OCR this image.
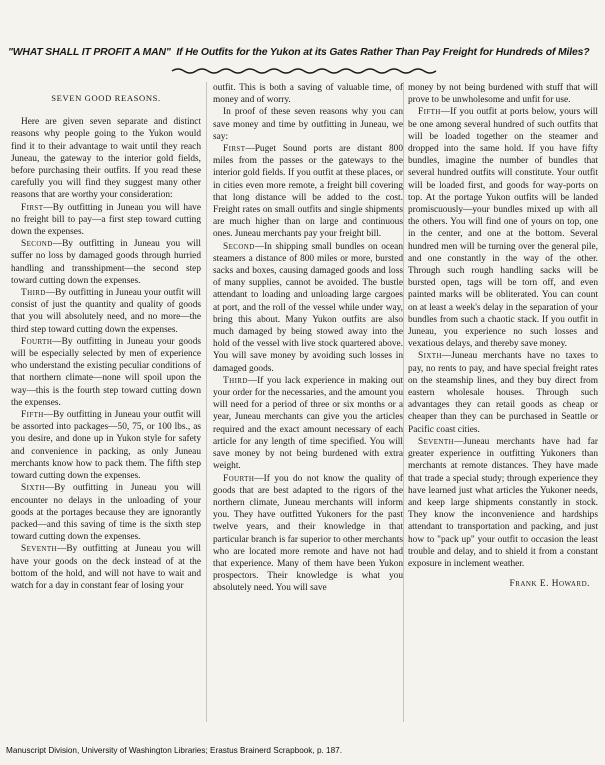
"WHAT SHALL IT PROFIT A MAN" If He Outfits for the Yukon at its Gates Rather Than Pay Freight for Hundreds of Miles?

SEVEN GOOD REASONS.

Here are given seven separate and distinct reasons why people going to the Yukon would find it to their advantage to wait until they reach Juneau, the gateway to the interior gold fields, before purchasing their outfits. If you read these carefully you will find they suggest many other reasons that are worthy your consideration:

First—By outfitting in Juneau you will have no freight bill to pay—a first step toward cutting down the expenses.

Second—By outfitting in Juneau you will suffer no loss by damaged goods through hurried handling and transshipment—the second step toward cutting down the expenses.

Third—By outfitting in Juneau your outfit will consist of just the quantity and quality of goods that you will absolutely need, and no more—the third step toward cutting down the expenses.

Fourth—By outfitting in Juneau your goods will be especially selected by men of experience who understand the existing peculiar conditions of that northern climate—none will spoil upon the way—this is the fourth step toward cutting down the expenses.

Fifth—By outfitting in Juneau your outfit will be assorted into packages—50, 75, or 100 lbs., as you desire, and done up in Yukon style for safety and convenience in packing, as only Juneau merchants know how to pack them. The fifth step toward cutting down the expenses.

Sixth—By outfitting in Juneau you will encounter no delays in the unloading of your goods at the portages because they are ignorantly packed—and this saving of time is the sixth step toward cutting down the expenses.

Seventh—By outfitting at Juneau you will have your goods on the deck instead of at the bottom of the hold, and will not have to wait and watch for a day in constant fear of losing your

outfit. This is both a saving of valuable time, of money and of worry.

In proof of these seven reasons why you can save money and time by outfitting in Juneau, we say:

First—Puget Sound ports are distant 800 miles from the passes or the gateways to the interior gold fields. If you outfit at these places, or in cities even more remote, a freight bill covering that long distance will be added to the cost. Freight rates on small outfits and single shipments are much higher than on large and continuous ones. Juneau merchants pay your freight bill.

Second—In shipping small bundles on ocean steamers a distance of 800 miles or more, bursted sacks and boxes, causing damaged goods and loss of many supplies, cannot be avoided. The bustle attendant to loading and unloading large cargoes at port, and the roll of the vessel while under way, bring this about. Many Yukon outfits are also much damaged by being stowed away into the hold of the vessel with live stock quartered above. You will save money by avoiding such losses in damaged goods.

Third—If you lack experience in making out your order for the necessaries, and the amount you will need for a period of three or six months or a year, Juneau merchants can give you the articles required and the exact amount necessary of each article for any length of time specified. You will save money by not being burdened with extra weight.

Fourth—If you do not know the quality of goods that are best adapted to the rigors of the northern climate, Juneau merchants will inform you. They have outfitted Yukoners for the past twelve years, and their knowledge in that particular branch is far superior to other merchants who are located more remote and have not had that experience. Many of them have been Yukon prospectors. Their knowledge is what you absolutely need. You will save

money by not being burdened with stuff that will prove to be unwholesome and unfit for use.

Fifth—If you outfit at ports below, yours will be one among several hundred of such outfits that will be loaded together on the steamer and dropped into the same hold. If you have fifty bundles, imagine the number of bundles that several hundred outfits will constitute. Your outfit will be loaded first, and goods for way-ports on top. At the portage Yukon outfits will be landed promiscuously—your bundles mixed up with all the others. You will find one of yours on top, one in the center, and one at the bottom. Several hundred men will be turning over the general pile, and one constantly in the way of the other. Through such rough handling sacks will be bursted open, tags will be torn off, and even painted marks will be obliterated. You can count on at least a week's delay in the separation of your bundles from such a chaotic stack. If you outfit in Juneau, you experience no such losses and vexatious delays, and thereby save money.

Sixth—Juneau merchants have no taxes to pay, no rents to pay, and have special freight rates on the steamship lines, and they buy direct from eastern wholesale houses. Through such advantages they can retail goods as cheap or cheaper than they can be purchased in Seattle or Pacific coast cities.

Seventh—Juneau merchants have had far greater experience in outfitting Yukoners than merchants at remote distances. They have made that trade a special study; through experience they have learned just what articles the Yukoner needs, and keep large shipments constantly in stock. They know the inconvenience and hardships attendant to transportation and packing, and just how to "pack up" your outfit to occasion the least trouble and delay, and to shield it from a constant exposure in inclement weather.

Frank E. Howard.

Manuscript Division, University of Washington Libraries; Erastus Brainerd Scrapbook, p. 187.
